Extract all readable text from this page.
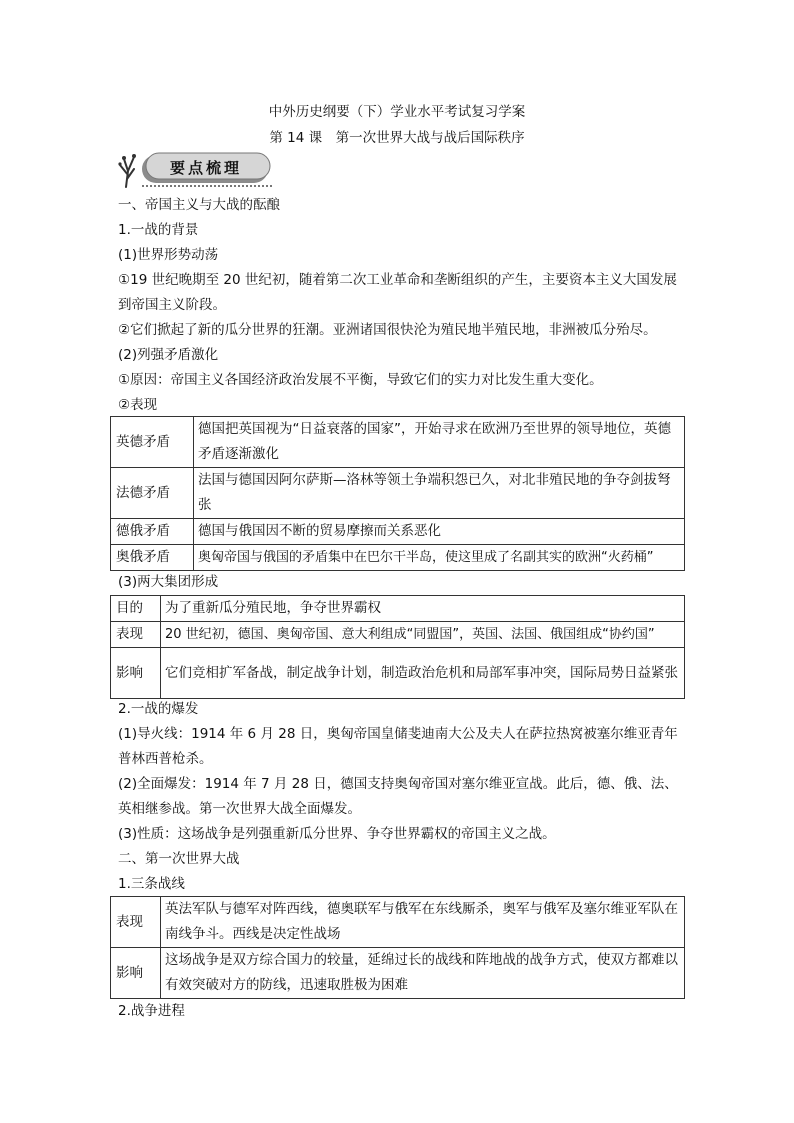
中外历史纲要（下）学业水平考试复习学案
第 14 课　第一次世界大战与战后国际秩序
要点梳理
一、帝国主义与大战的酝酿
1.一战的背景
(1)世界形势动荡
①19 世纪晚期至 20 世纪初，随着第二次工业革命和垄断组织的产生，主要资本主义大国发展到帝国主义阶段。
②它们掀起了新的瓜分世界的狂潮。亚洲诸国很快沦为殖民地半殖民地，非洲被瓜分殆尽。
(2)列强矛盾激化
①原因：帝国主义各国经济政治发展不平衡，导致它们的实力对比发生重大变化。
②表现
英德矛盾	德国把英国视为“日益衰落的国家”，开始寻求在欧洲乃至世界的领导地位，英德矛盾逐渐激化
法德矛盾	法国与德国因阿尔萨斯—洛林等领土争端积怨已久，对北非殖民地的争夺剑拔弩张
德俄矛盾	德国与俄国因不断的贸易摩擦而关系恶化
奥俄矛盾	奥匈帝国与俄国的矛盾集中在巴尔干半岛，使这里成了名副其实的欧洲“火药桶”
(3)两大集团形成
目的	为了重新瓜分殖民地，争夺世界霸权
表现	20 世纪初，德国、奥匈帝国、意大利组成“同盟国”，英国、法国、俄国组成“协约国”
影响	它们竞相扩军备战，制定战争计划，制造政治危机和局部军事冲突，国际局势日益紧张
2.一战的爆发
(1)导火线：1914 年 6 月 28 日，奥匈帝国皇储斐迪南大公及夫人在萨拉热窝被塞尔维亚青年普林西普枪杀。
(2)全面爆发：1914 年 7 月 28 日，德国支持奥匈帝国对塞尔维亚宣战。此后，德、俄、法、英相继参战。第一次世界大战全面爆发。
(3)性质：这场战争是列强重新瓜分世界、争夺世界霸权的帝国主义之战。
二、第一次世界大战
1.三条战线
表现	英法军队与德军对阵西线，德奥联军与俄军在东线厮杀，奥军与俄军及塞尔维亚军队在南线争斗。西线是决定性战场
影响	这场战争是双方综合国力的较量，延绵过长的战线和阵地战的战争方式，使双方都难以有效突破对方的防线，迅速取胜极为困难
2.战争进程
